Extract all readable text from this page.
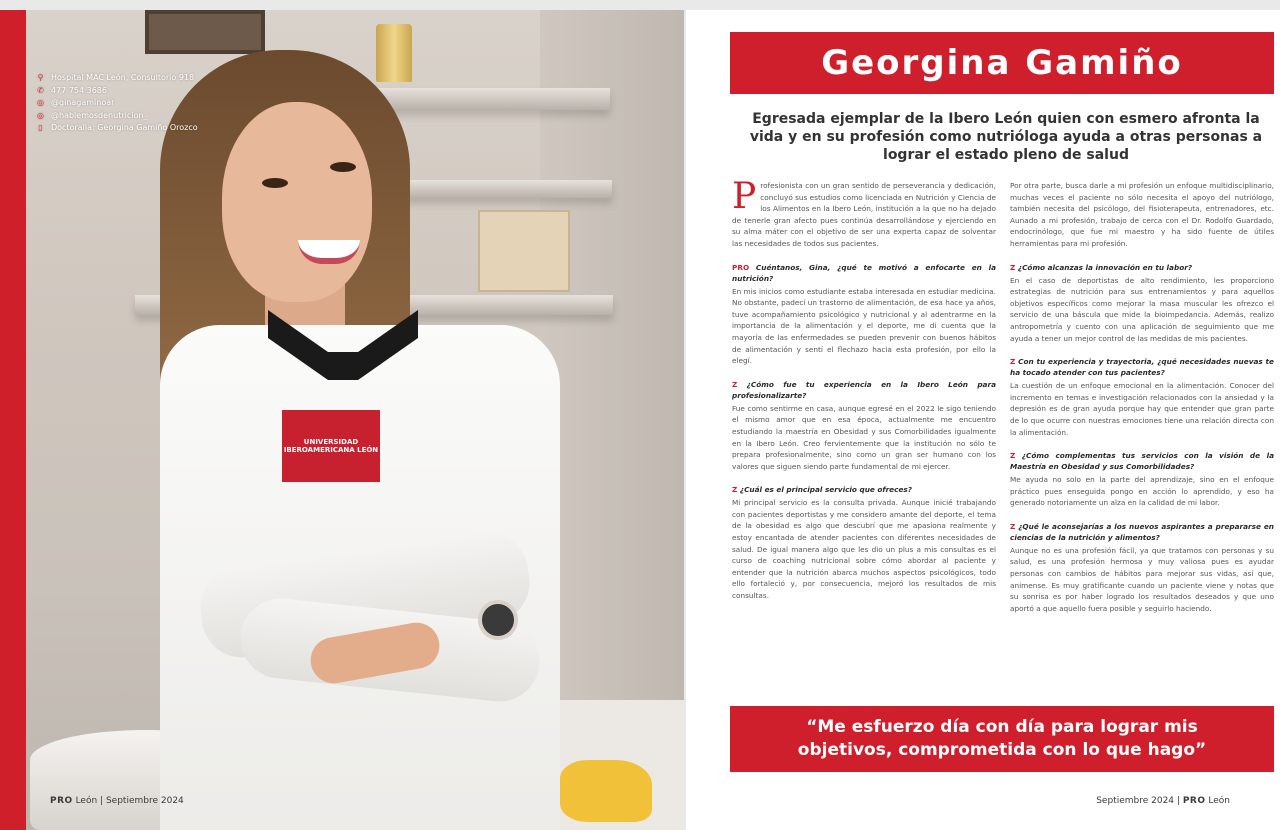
UNIVERSIDAD IBEROAMERICANA LEÓN
⚲ Hospital MAC León, Consultorio 918
✆ 477 754 3686
◎ @ginagaminoar
◎ @hablemosdenutricion_
▯ Doctoralia: Georgina Gamiño Orozco
PRO León | Septiembre 2024
Georgina Gamiño
Egresada ejemplar de la Ibero León quien con esmero afronta la vida y en su profesión como nutrióloga ayuda a otras personas a lograr el estado pleno de salud

Profesionista con un gran sentido de perseverancia y dedicación, concluyó sus estudios como licenciada en Nutrición y Ciencia de los Alimentos en la Ibero León, institución a la que no ha dejado de tenerle gran afecto pues continúa desarrollándose y ejerciendo en su alma máter con el objetivo de ser una experta capaz de solventar las necesidades de todos sus pacientes.

PRO Cuéntanos, Gina, ¿qué te motivó a enfocarte en la nutrición?

En mis inicios como estudiante estaba interesada en estudiar medicina. No obstante, padecí un trastorno de alimentación, de esa hace ya años, tuve acompañamiento psicológico y nutricional y al adentrarme en la importancia de la alimentación y el deporte, me di cuenta que la mayoría de las enfermedades se pueden prevenir con buenos hábitos de alimentación y sentí el flechazo hacia esta profesión, por ello la elegí.

Z ¿Cómo fue tu experiencia en la Ibero León para profesionalizarte?

Fue como sentirme en casa, aunque egresé en el 2022 le sigo teniendo el mismo amor que en esa época, actualmente me encuentro estudiando la maestría en Obesidad y sus Comorbilidades igualmente en la Ibero León. Creo fervientemente que la institución no sólo te prepara profesionalmente, sino como un gran ser humano con los valores que siguen siendo parte fundamental de mi ejercer.

Z ¿Cuál es el principal servicio que ofreces?

Mi principal servicio es la consulta privada. Aunque inicié trabajando con pacientes deportistas y me considero amante del deporte, el tema de la obesidad es algo que descubrí que me apasiona realmente y estoy encantada de atender pacientes con diferentes necesidades de salud. De igual manera algo que les dio un plus a mis consultas es el curso de coaching nutricional sobre cómo abordar al paciente y entender que la nutrición abarca muchos aspectos psicológicos, todo ello fortaleció y, por consecuencia, mejoró los resultados de mis consultas.

Por otra parte, busca darle a mi profesión un enfoque multidisciplinario, muchas veces el paciente no sólo necesita el apoyo del nutriólogo, también necesita del psicólogo, del fisioterapeuta, entrenadores, etc. Aunado a mi profesión, trabajo de cerca con el Dr. Rodolfo Guardado, endocrinólogo, que fue mi maestro y ha sido fuente de útiles herramientas para mi profesión.

Z ¿Cómo alcanzas la innovación en tu labor?

En el caso de deportistas de alto rendimiento, les proporciono estrategias de nutrición para sus entrenamientos y para aquellos objetivos específicos como mejorar la masa muscular les ofrezco el servicio de una báscula que mide la bioimpedancia. Además, realizo antropometría y cuento con una aplicación de seguimiento que me ayuda a tener un mejor control de las medidas de mis pacientes.

Z Con tu experiencia y trayectoria, ¿qué necesidades nuevas te ha tocado atender con tus pacientes?

La cuestión de un enfoque emocional en la alimentación. Conocer del incremento en temas e investigación relacionados con la ansiedad y la depresión es de gran ayuda porque hay que entender que gran parte de lo que ocurre con nuestras emociones tiene una relación directa con la alimentación.

Z ¿Cómo complementas tus servicios con la visión de la Maestría en Obesidad y sus Comorbilidades?

Me ayuda no solo en la parte del aprendizaje, sino en el enfoque práctico pues enseguida pongo en acción lo aprendido, y eso ha generado notoriamente un alza en la calidad de mi labor.

Z ¿Qué le aconsejarías a los nuevos aspirantes a prepararse en ciencias de la nutrición y alimentos?

Aunque no es una profesión fácil, ya que tratamos con personas y su salud, es una profesión hermosa y muy valiosa pues es ayudar personas con cambios de hábitos para mejorar sus vidas, así que, anímense. Es muy gratificante cuando un paciente viene y notas que su sonrisa es por haber logrado los resultados deseados y que uno aportó a que aquello fuera posible y seguirlo haciendo.

“Me esfuerzo día con día para lograr mis
objetivos, comprometida con lo que hago”
Septiembre 2024 | PRO León
